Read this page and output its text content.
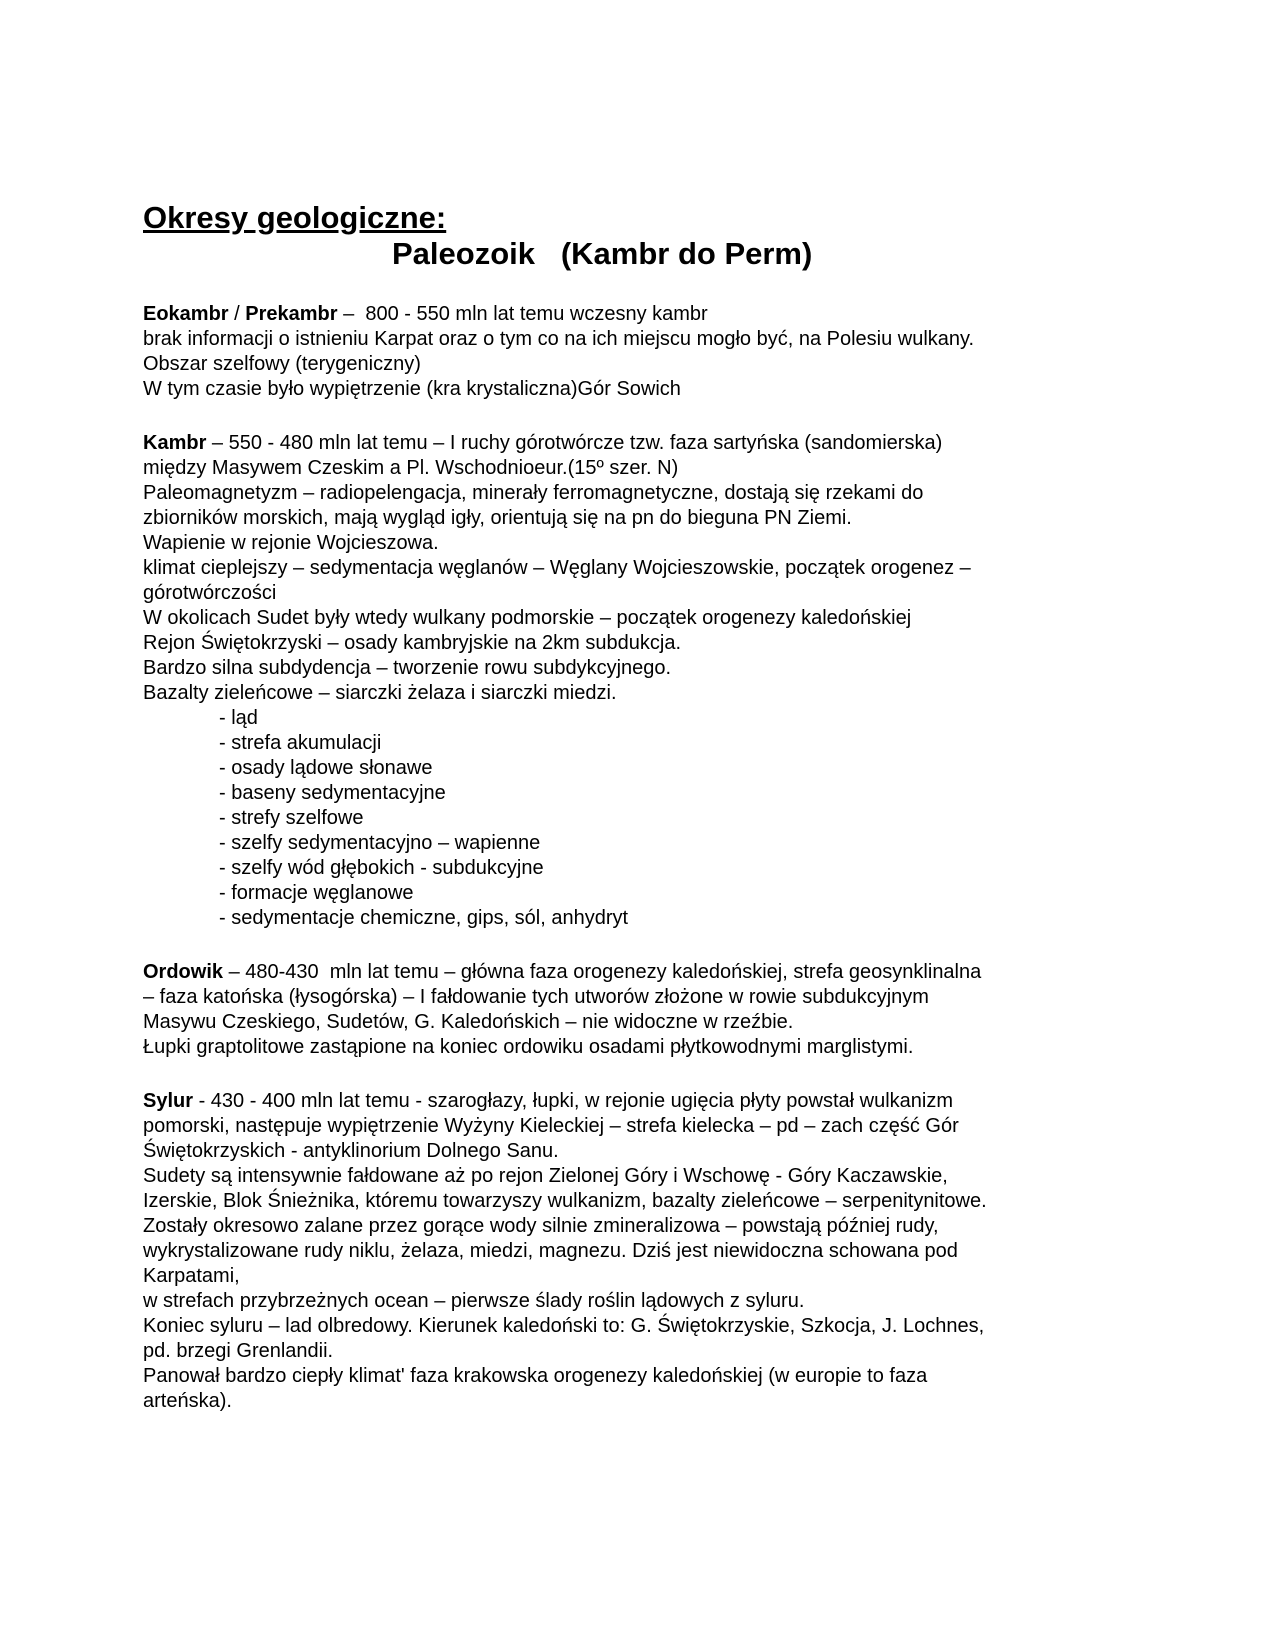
Okresy geologiczne:
Paleozoik   (Kambr do Perm)
Eokambr / Prekambr –  800 - 550 mln lat temu wczesny kambr
brak informacji o istnieniu Karpat oraz o tym co na ich miejscu mogło być, na Polesiu wulkany.
Obszar szelfowy (terygeniczny)
W tym czasie było wypiętrzenie (kra krystaliczna)Gór Sowich
Kambr – 550 - 480 mln lat temu – I ruchy górotwórcze tzw. faza sartyńska (sandomierska)
między Masywem Czeskim a Pl. Wschodnioeur.(15º szer. N)
Paleomagnetyzm – radiopelengacja, minerały ferromagnetyczne, dostają się rzekami do
zbiorników morskich, mają wygląd igły, orientują się na pn do bieguna PN Ziemi.
Wapienie w rejonie Wojcieszowa.
klimat cieplejszy – sedymentacja węglanów – Węglany Wojcieszowskie, początek orogenez –
górotwórczości
W okolicach Sudet były wtedy wulkany podmorskie – początek orogenezy kaledońskiej
Rejon Świętokrzyski – osady kambryjskie na 2km subdukcja.
Bardzo silna subdydencja – tworzenie rowu subdykcyjnego.
Bazalty zieleńcowe – siarczki żelaza i siarczki miedzi.
- ląd
- strefa akumulacji
- osady lądowe słonawe
- baseny sedymentacyjne
- strefy szelfowe
- szelfy sedymentacyjno – wapienne
- szelfy wód głębokich - subdukcyjne
- formacje węglanowe
- sedymentacje chemiczne, gips, sól, anhydryt
Ordowik – 480-430  mln lat temu – główna faza orogenezy kaledońskiej, strefa geosynklinalna
– faza katońska (łysogórska) – I fałdowanie tych utworów złożone w rowie subdukcyjnym
Masywu Czeskiego, Sudetów, G. Kaledońskich – nie widoczne w rzeźbie.
Łupki graptolitowe zastąpione na koniec ordowiku osadami płytkowodnymi marglistymi.
Sylur - 430 - 400 mln lat temu - szarogłazy, łupki, w rejonie ugięcia płyty powstał wulkanizm
pomorski, następuje wypiętrzenie Wyżyny Kieleckiej – strefa kielecka – pd – zach część Gór
Świętokrzyskich - antyklinorium Dolnego Sanu.
Sudety są intensywnie fałdowane aż po rejon Zielonej Góry i Wschowę - Góry Kaczawskie,
Izerskie, Blok Śnieżnika, któremu towarzyszy wulkanizm, bazalty zieleńcowe – serpenitynitowe.
Zostały okresowo zalane przez gorące wody silnie zmineralizowa – powstają później rudy,
wykrystalizowane rudy niklu, żelaza, miedzi, magnezu. Dziś jest niewidoczna schowana pod
Karpatami,
w strefach przybrzeżnych ocean – pierwsze ślady roślin lądowych z syluru.
Koniec syluru – lad olbredowy. Kierunek kaledoński to: G. Świętokrzyskie, Szkocja, J. Lochnes,
pd. brzegi Grenlandii.
Panował bardzo ciepły klimat' faza krakowska orogenezy kaledońskiej (w europie to faza
arteńska).
